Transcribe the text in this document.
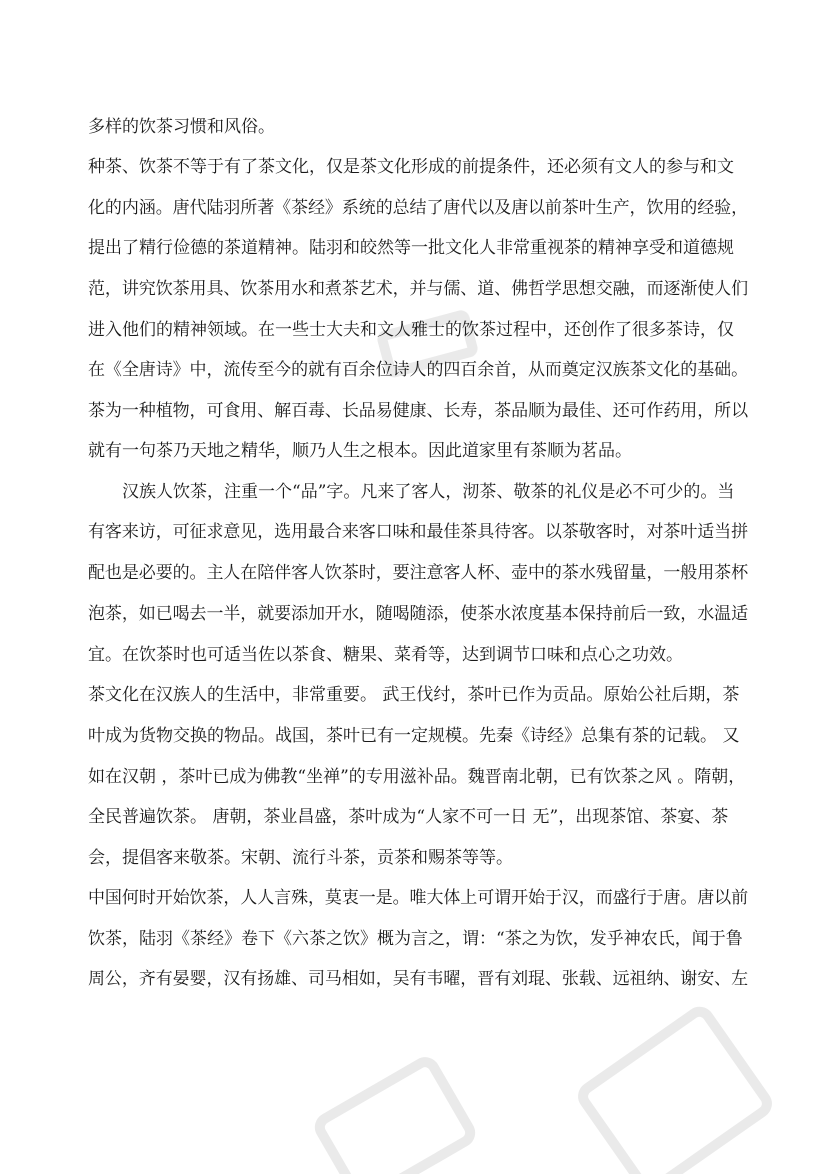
多样的饮茶习惯和风俗。
种茶、饮茶不等于有了茶文化，仅是茶文化形成的前提条件，还必须有文人的参与和文
化的内涵。唐代陆羽所著《茶经》系统的总结了唐代以及唐以前茶叶生产，饮用的经验，
提出了精行俭德的茶道精神。陆羽和皎然等一批文化人非常重视茶的精神享受和道德规
范，讲究饮茶用具、饮茶用水和煮茶艺术，并与儒、道、佛哲学思想交融，而逐渐使人们
进入他们的精神领域。在一些士大夫和文人雅士的饮茶过程中，还创作了很多茶诗，仅
在《全唐诗》中，流传至今的就有百余位诗人的四百余首，从而奠定汉族茶文化的基础。
茶为一种植物，可食用、解百毒、长品易健康、长寿，茶品顺为最佳、还可作药用，所以
就有一句茶乃天地之精华，顺乃人生之根本。因此道家里有茶顺为茗品。
汉族人饮茶，注重一个“品”字。凡来了客人，沏茶、敬茶的礼仪是必不可少的。当
有客来访，可征求意见，选用最合来客口味和最佳茶具待客。以茶敬客时，对茶叶适当拼
配也是必要的。主人在陪伴客人饮茶时，要注意客人杯、壶中的茶水残留量，一般用茶杯
泡茶，如已喝去一半，就要添加开水，随喝随添，使茶水浓度基本保持前后一致，水温适
宜。在饮茶时也可适当佐以茶食、糖果、菜肴等，达到调节口味和点心之功效。
茶文化在汉族人的生活中，非常重要。 武王伐纣，茶叶已作为贡品。原始公社后期，茶
叶成为货物交换的物品。战国，茶叶已有一定规模。先秦《诗经》总集有茶的记载。 又
如在汉朝 ，茶叶已成为佛教“坐禅”的专用滋补品。魏晋南北朝，已有饮茶之风 。隋朝，
全民普遍饮茶。 唐朝，茶业昌盛，茶叶成为“人家不可一日 无”，出现茶馆、茶宴、茶
会，提倡客来敬茶。宋朝、流行斗茶，贡茶和赐茶等等。
中国何时开始饮茶，人人言殊，莫衷一是。唯大体上可谓开始于汉，而盛行于唐。唐以前
饮茶，陆羽《茶经》卷下《六茶之饮》概为言之，谓：“茶之为饮，发乎神农氏，闻于鲁
周公，齐有晏婴，汉有扬雄、司马相如，吴有韦曜，晋有刘琨、张载、远祖纳、谢安、左
